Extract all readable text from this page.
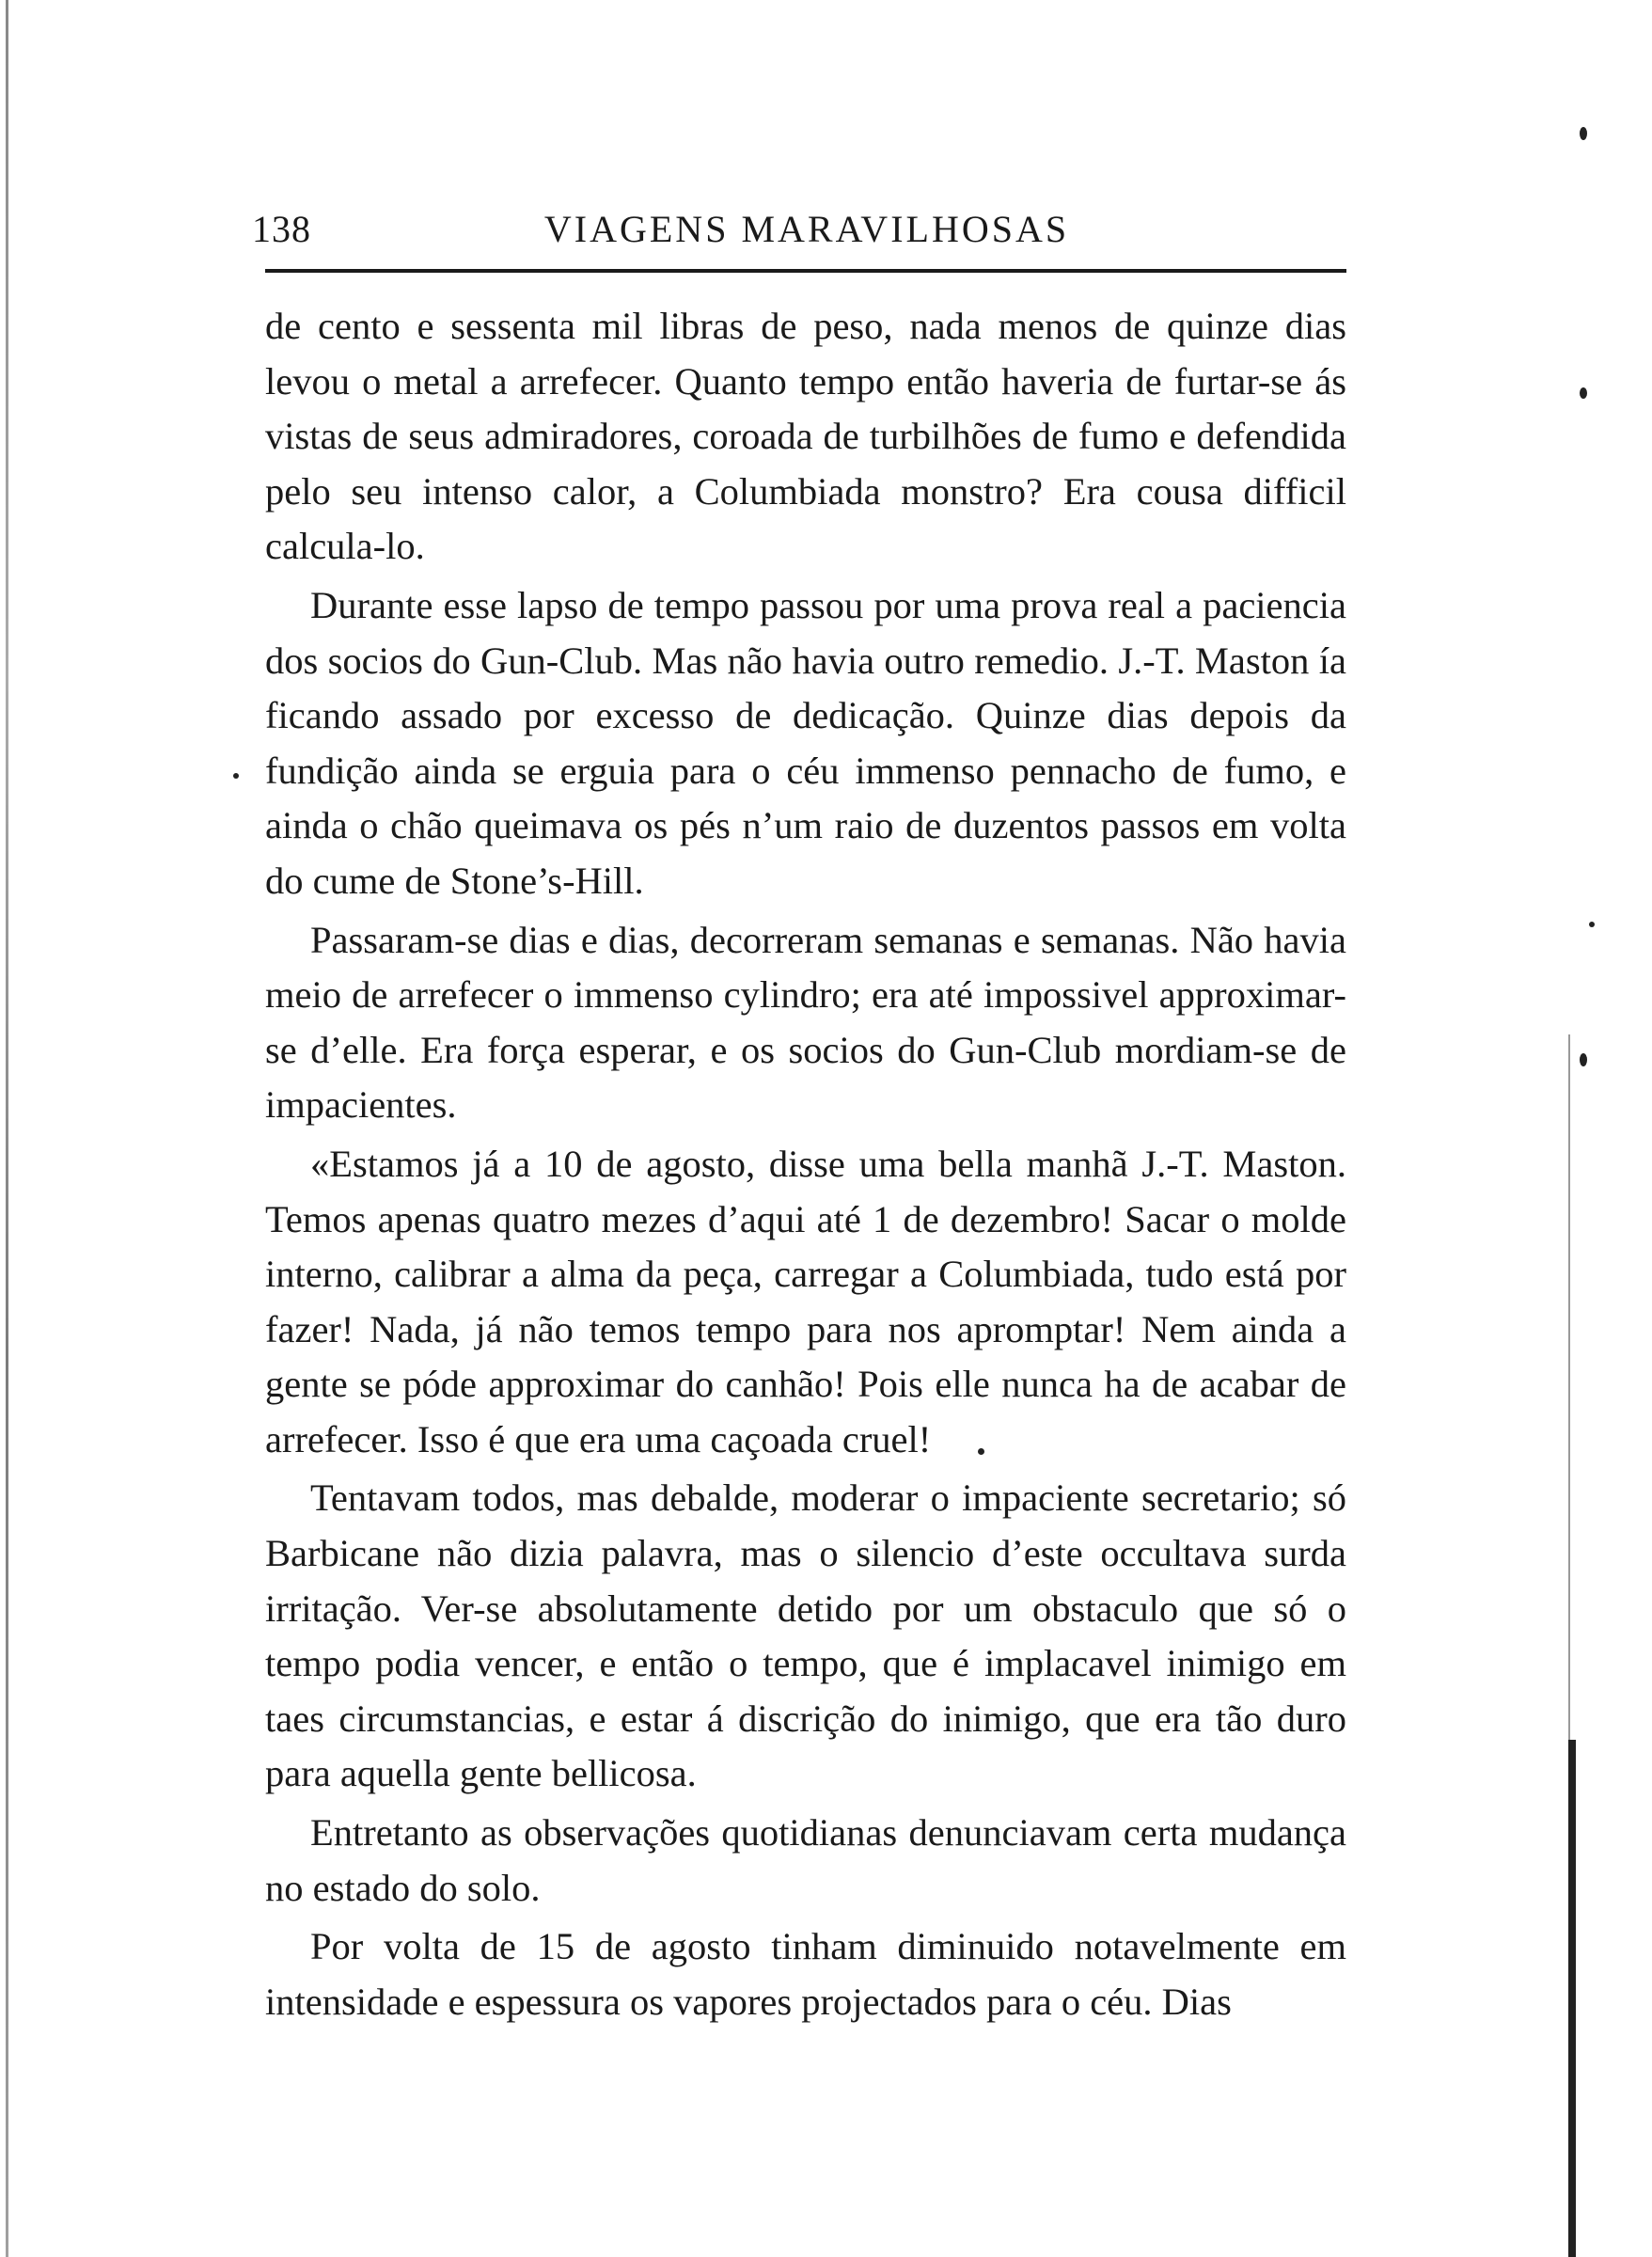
138	VIAGENS MARAVILHOSAS

de cento e sessenta mil libras de peso, nada menos de quinze dias levou o metal a arrefecer. Quanto tempo então haveria de furtar-se ás vistas de seus admiradores, coroada de turbilhões de fumo e defendida pelo seu intenso calor, a Columbiada monstro? Era cousa difficil calcula-lo.

Durante esse lapso de tempo passou por uma prova real a paciencia dos socios do Gun-Club. Mas não havia outro remedio. J.-T. Maston ía ficando assado por excesso de dedicação. Quinze dias depois da fundição ainda se erguia para o céu immenso pennacho de fumo, e ainda o chão queimava os pés n’um raio de duzentos passos em volta do cume de Stone’s-Hill.

Passaram-se dias e dias, decorreram semanas e semanas. Não havia meio de arrefecer o immenso cylindro; era até impossivel approximar-se d’elle. Era força esperar, e os socios do Gun-Club mordiam-se de impacientes.

«Estamos já a 10 de agosto, disse uma bella manhã J.-T. Maston. Temos apenas quatro mezes d’aqui até 1 de dezembro! Sacar o molde interno, calibrar a alma da peça, carregar a Columbiada, tudo está por fazer! Nada, já não temos tempo para nos apromptar! Nem ainda a gente se póde approximar do canhão! Pois elle nunca ha de acabar de arrefecer. Isso é que era uma caçoada cruel!

Tentavam todos, mas debalde, moderar o impaciente secretario; só Barbicane não dizia palavra, mas o silencio d’este occultava surda irritação. Ver-se absolutamente detido por um obstaculo que só o tempo podia vencer, e então o tempo, que é implacavel inimigo em taes circumstancias, e estar á discrição do inimigo, que era tão duro para aquella gente bellicosa.

Entretanto as observações quotidianas denunciavam certa mudança no estado do solo.

Por volta de 15 de agosto tinham diminuido notavelmente em intensidade e espessura os vapores projectados para o céu. Dias
